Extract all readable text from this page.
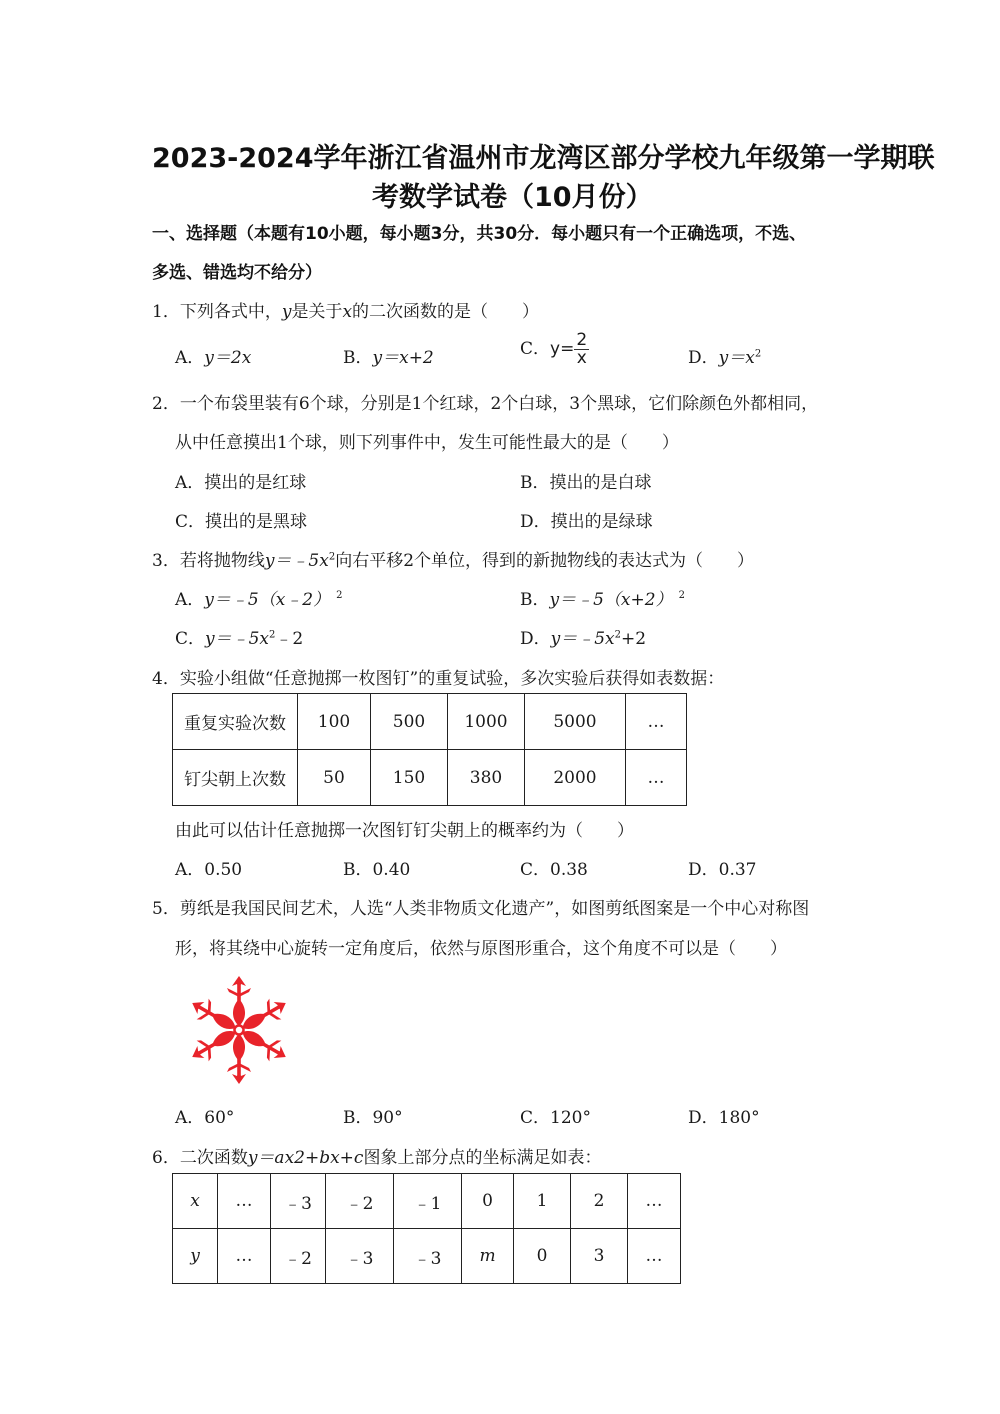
2023-2024学年浙江省温州市龙湾区部分学校九年级第一学期联
考数学试卷（10月份）
一、选择题（本题有10小题，每小题3分，共30分．每小题只有一个正确选项，不选、
多选、错选均不给分）
1．下列各式中，y是关于x的二次函数的是（　　）
A．y＝2x	B．y＝x+2	C．$y= \frac{2}{x}$	D．$y=x^2$
2．一个布袋里装有6个球，分别是1个红球，2个白球，3个黑球，它们除颜色外都相同，
从中任意摸出1个球，则下列事件中，发生可能性最大的是（　　）
A．摸出的是红球	B．摸出的是白球
C．摸出的是黑球	D．摸出的是绿球
3．若将抛物线$y=﹣5x^2$向右平移2个单位，得到的新抛物线的表达式为（　　）
A．y＝﹣5（x﹣2） $^2$	B．y＝﹣5（x+2） $^2$
C．$y=﹣5x^2﹣2$	D．$y=﹣5x^2+2$
4．实验小组做“任意抛掷一枚图钉”的重复试验，多次实验后获得如表数据：
重复实验次数	100	500	1000	5000	…
钉尖朝上次数	50	150	380	2000	…
由此可以估计任意抛掷一次图钉钉尖朝上的概率约为（　　）
A．0.50	B．0.40	C．0.38	D．0.37
5．剪纸是我国民间艺术，人选“人类非物质文化遗产”，如图剪纸图案是一个中心对称图
形，将其绕中心旋转一定角度后，依然与原图形重合，这个角度不可以是（　　）
A．60°	B．90°	C．120°	D．180°
6．二次函数y＝ax2+bx+c图象上部分点的坐标满足如表：
x	…	﹣3	﹣2	﹣1	0	1	2	…
y	…	﹣2	﹣3	﹣3	m	0	3	…
